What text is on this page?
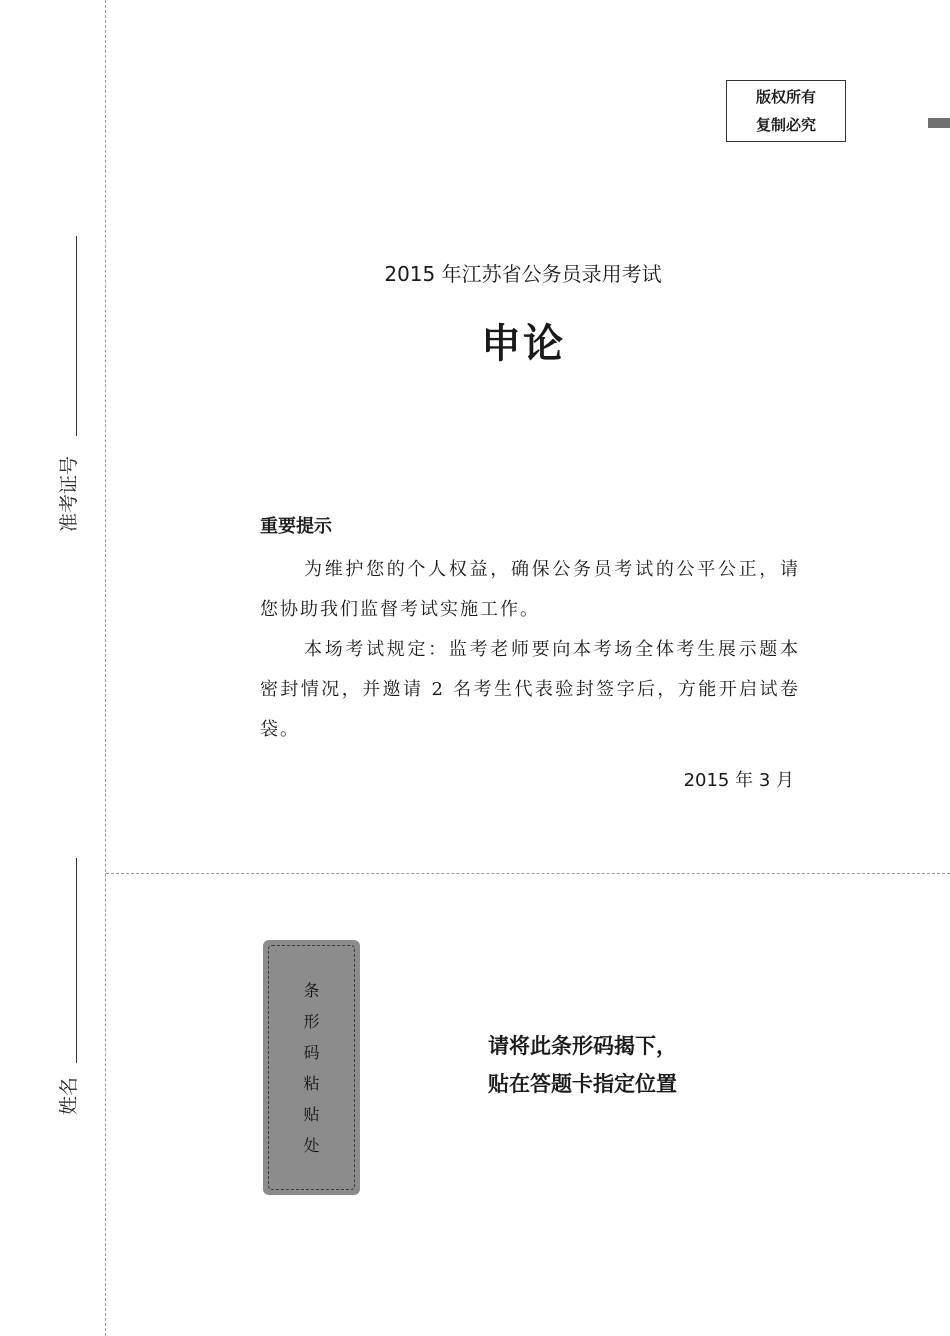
准考证号
姓名
版权所有
复制必究
2015 年江苏省公务员录用考试
申论
重要提示
为维护您的个人权益，确保公务员考试的公平公正，请您协助我们监督考试实施工作。
本场考试规定：监考老师要向本考场全体考生展示题本密封情况，并邀请 2 名考生代表验封签字后，方能开启试卷袋。
2015 年 3 月
条
形
码
粘
贴
处
请将此条形码揭下，
贴在答题卡指定位置
